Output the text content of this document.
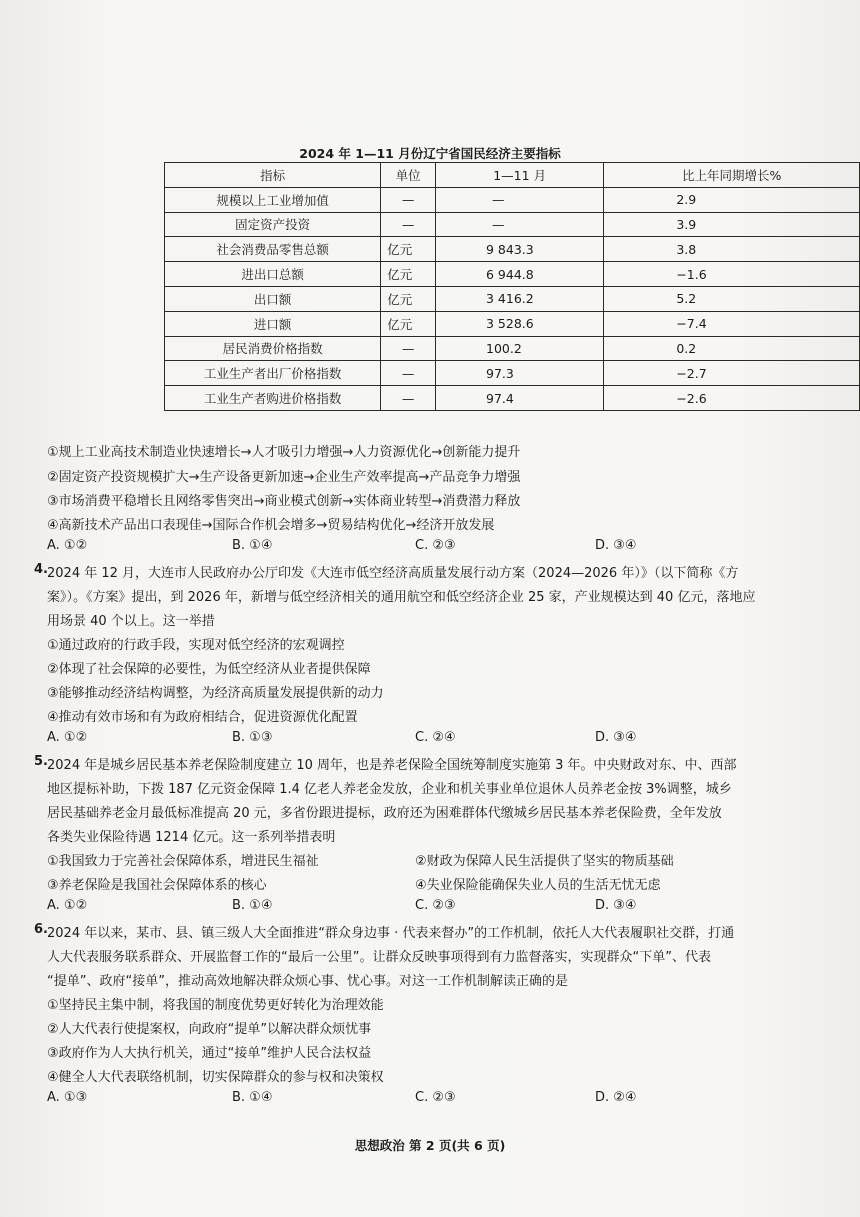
2024 年 1—11 月份辽宁省国民经济主要指标
指标	单位	1—11 月	比上年同期增长%
规模以上工业增加值	—	—	2.9
固定资产投资	—	—	3.9
社会消费品零售总额	亿元	9 843.3	3.8
进出口总额	亿元	6 944.8	−1.6
出口额	亿元	3 416.2	5.2
进口额	亿元	3 528.6	−7.4
居民消费价格指数	—	100.2	0.2
工业生产者出厂价格指数	—	97.3	−2.7
工业生产者购进价格指数	—	97.4	−2.6
①规上工业高技术制造业快速增长→人才吸引力增强→人力资源优化→创新能力提升
②固定资产投资规模扩大→生产设备更新加速→企业生产效率提高→产品竞争力增强
③市场消费平稳增长且网络零售突出→商业模式创新→实体商业转型→消费潜力释放
④高新技术产品出口表现佳→国际合作机会增多→贸易结构优化→经济开放发展
A. ①②	B. ①④	C. ②③	D. ③④
4. 2024 年 12 月，大连市人民政府办公厅印发《大连市低空经济高质量发展行动方案（2024—2026 年）》（以下简称《方
案》）。《方案》提出，到 2026 年，新增与低空经济相关的通用航空和低空经济企业 25 家，产业规模达到 40 亿元，落地应
用场景 40 个以上。这一举措
①通过政府的行政手段，实现对低空经济的宏观调控
②体现了社会保障的必要性，为低空经济从业者提供保障
③能够推动经济结构调整，为经济高质量发展提供新的动力
④推动有效市场和有为政府相结合，促进资源优化配置
A. ①②	B. ①③	C. ②④	D. ③④
5. 2024 年是城乡居民基本养老保险制度建立 10 周年，也是养老保险全国统筹制度实施第 3 年。中央财政对东、中、西部
地区提标补助，下拨 187 亿元资金保障 1.4 亿老人养老金发放，企业和机关事业单位退休人员养老金按 3%调整，城乡
居民基础养老金月最低标准提高 20 元，多省份跟进提标，政府还为困难群体代缴城乡居民基本养老保险费，全年发放
各类失业保险待遇 1214 亿元。这一系列举措表明
①我国致力于完善社会保障体系，增进民生福祉	②财政为保障人民生活提供了坚实的物质基础
③养老保险是我国社会保障体系的核心	④失业保险能确保失业人员的生活无忧无虑
A. ①②	B. ①④	C. ②③	D. ③④
6. 2024 年以来，某市、县、镇三级人大全面推进“群众身边事 · 代表来督办”的工作机制，依托人大代表履职社交群，打通
人大代表服务联系群众、开展监督工作的“最后一公里”。让群众反映事项得到有力监督落实，实现群众“下单”、代表
“提单”、政府“接单”，推动高效地解决群众烦心事、忧心事。对这一工作机制解读正确的是
①坚持民主集中制，将我国的制度优势更好转化为治理效能
②人大代表行使提案权，向政府“提单”以解决群众烦忧事
③政府作为人大执行机关，通过“接单”维护人民合法权益
④健全人大代表联络机制，切实保障群众的参与权和决策权
A. ①③	B. ①④	C. ②③	D. ②④
思想政治 第 2 页(共 6 页)
